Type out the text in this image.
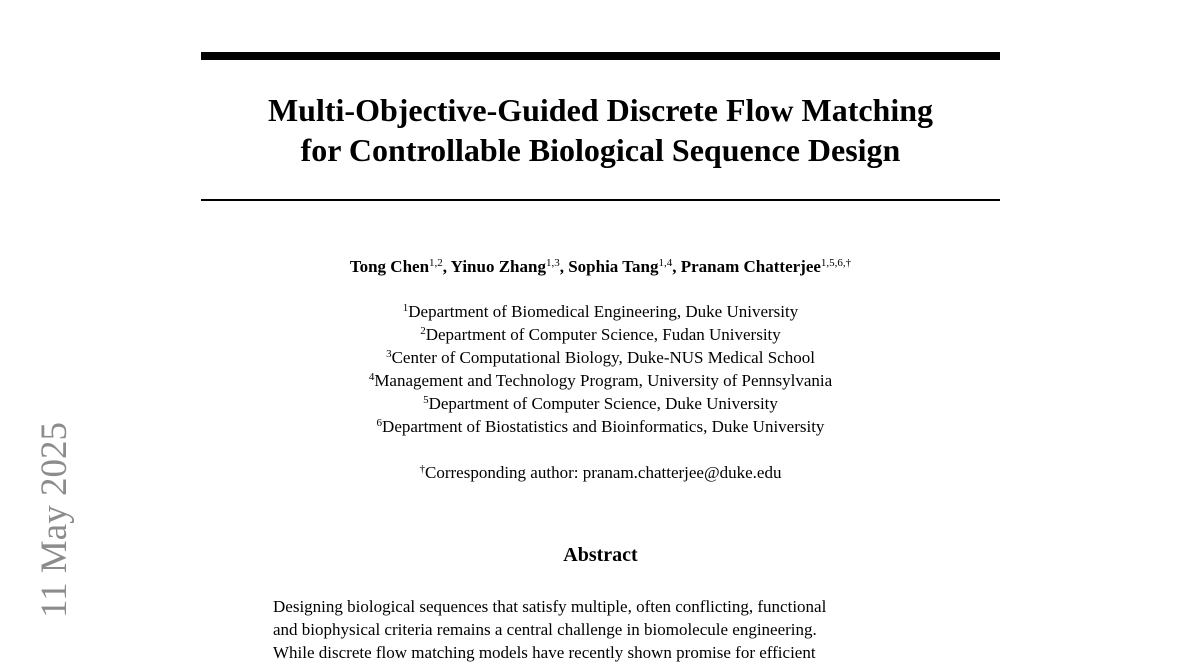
Multi-Objective-Guided Discrete Flow Matching
for Controllable Biological Sequence Design
Tong Chen$^{1,2}$, Yinuo Zhang$^{1,3}$, Sophia Tang$^{1,4}$, Pranam Chatterjee$^{1,5,6,\dagger}$
$^1$Department of Biomedical Engineering, Duke University
$^2$Department of Computer Science, Fudan University
$^3$Center of Computational Biology, Duke-NUS Medical School
$^4$Management and Technology Program, University of Pennsylvania
$^5$Department of Computer Science, Duke University
$^6$Department of Biostatistics and Bioinformatics, Duke University
†Corresponding author: pranam.chatterjee@duke.edu
Abstract
Designing biological sequences that satisfy multiple, often conflicting, functional
and biophysical criteria remains a central challenge in biomolecule engineering.
While discrete flow matching models have recently shown promise for efficient
11 May 2025
